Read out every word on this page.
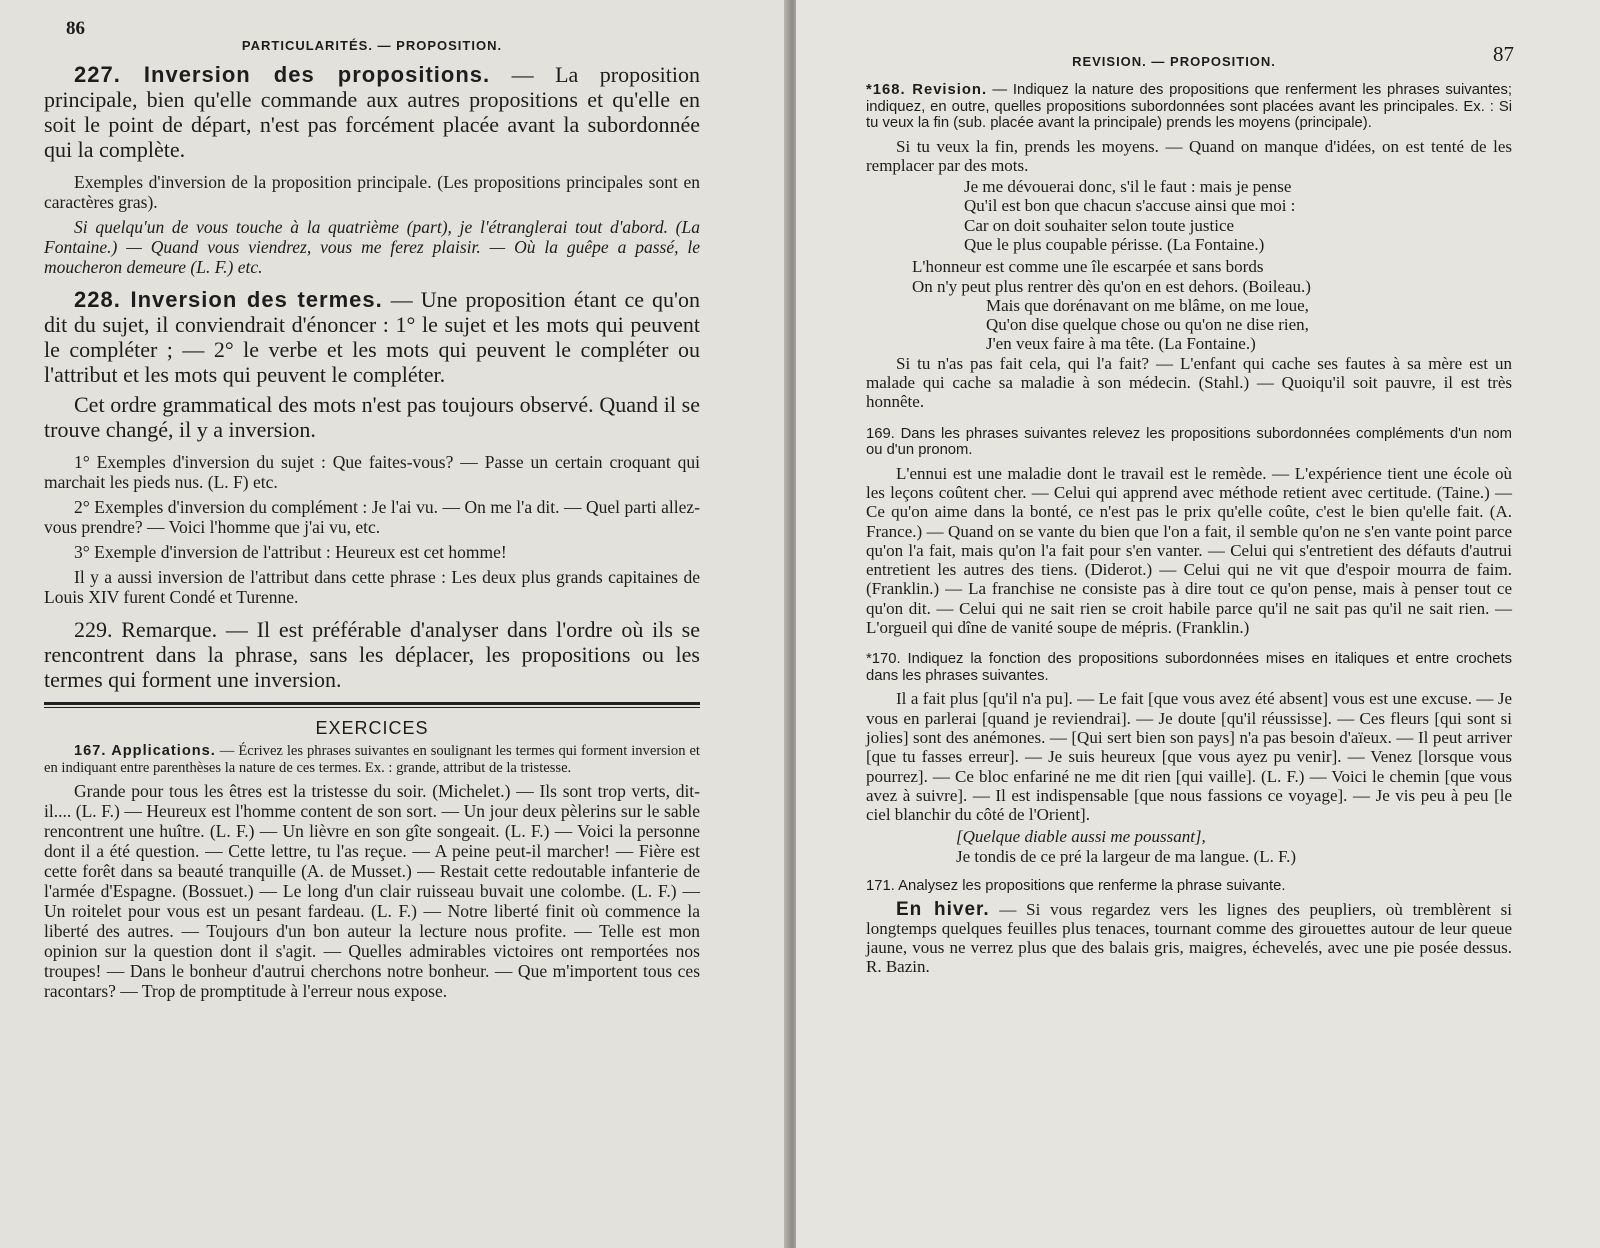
86
PARTICULARITÉS. — PROPOSITION.

227. Inversion des propositions. — La proposition principale, bien qu'elle commande aux autres propositions et qu'elle en soit le point de départ, n'est pas forcément placée avant la subordonnée qui la complète.

Exemples d'inversion de la proposition principale. (Les propositions principales sont en caractères gras).

Si quelqu'un de vous touche à la quatrième (part), je l'étranglerai tout d'abord. (La Fontaine.) — Quand vous viendrez, vous me ferez plaisir. — Où la guêpe a passé, le moucheron demeure (L. F.) etc.

228. Inversion des termes. — Une proposition étant ce qu'on dit du sujet, il conviendrait d'énoncer : 1° le sujet et les mots qui peuvent le compléter ; — 2° le verbe et les mots qui peuvent le compléter ou l'attribut et les mots qui peuvent le compléter.

Cet ordre grammatical des mots n'est pas toujours observé. Quand il se trouve changé, il y a inversion.

1° Exemples d'inversion du sujet : Que faites-vous? — Passe un certain croquant qui marchait les pieds nus. (L. F) etc.

2° Exemples d'inversion du complément : Je l'ai vu. — On me l'a dit. — Quel parti allez-vous prendre? — Voici l'homme que j'ai vu, etc.

3° Exemple d'inversion de l'attribut : Heureux est cet homme!

Il y a aussi inversion de l'attribut dans cette phrase : Les deux plus grands capitaines de Louis XIV furent Condé et Turenne.

229. Remarque. — Il est préférable d'analyser dans l'ordre où ils se rencontrent dans la phrase, sans les déplacer, les propositions ou les termes qui forment une inversion.

EXERCICES

167. Applications. — Écrivez les phrases suivantes en soulignant les termes qui forment inversion et en indiquant entre parenthèses la nature de ces termes. Ex. : grande, attribut de la tristesse.

Grande pour tous les êtres est la tristesse du soir. (Michelet.) — Ils sont trop verts, dit-il.... (L. F.) — Heureux est l'homme content de son sort. — Un jour deux pèlerins sur le sable rencontrent une huître. (L. F.) — Un lièvre en son gîte songeait. (L. F.) — Voici la personne dont il a été question. — Cette lettre, tu l'as reçue. — A peine peut-il marcher! — Fière est cette forêt dans sa beauté tranquille (A. de Musset.) — Restait cette redoutable infanterie de l'armée d'Espagne. (Bossuet.) — Le long d'un clair ruisseau buvait une colombe. (L. F.) — Un roitelet pour vous est un pesant fardeau. (L. F.) — Notre liberté finit où commence la liberté des autres. — Toujours d'un bon auteur la lecture nous profite. — Telle est mon opinion sur la question dont il s'agit. — Quelles admirables victoires ont remportées nos troupes! — Dans le bonheur d'autrui cherchons notre bonheur. — Que m'importent tous ces racontars? — Trop de promptitude à l'erreur nous expose.

REVISION. — PROPOSITION.	87

*168. Revision. — Indiquez la nature des propositions que renferment les phrases suivantes; indiquez, en outre, quelles propositions subordonnées sont placées avant les principales. Ex. : Si tu veux la fin (sub. placée avant la principale) prends les moyens (principale).

Si tu veux la fin, prends les moyens. — Quand on manque d'idées, on est tenté de les remplacer par des mots.

Je me dévouerai donc, s'il le faut : mais je pense
Qu'il est bon que chacun s'accuse ainsi que moi :
Car on doit souhaiter selon toute justice
Que le plus coupable périsse. (La Fontaine.)
L'honneur est comme une île escarpée et sans bords
On n'y peut plus rentrer dès qu'on en est dehors. (Boileau.)
Mais que dorénavant on me blâme, on me loue,
Qu'on dise quelque chose ou qu'on ne dise rien,
J'en veux faire à ma tête. (La Fontaine.)

Si tu n'as pas fait cela, qui l'a fait? — L'enfant qui cache ses fautes à sa mère est un malade qui cache sa maladie à son médecin. (Stahl.) — Quoiqu'il soit pauvre, il est très honnête.

169. Dans les phrases suivantes relevez les propositions subordonnées compléments d'un nom ou d'un pronom.

L'ennui est une maladie dont le travail est le remède. — L'expérience tient une école où les leçons coûtent cher. — Celui qui apprend avec méthode retient avec certitude. (Taine.) — Ce qu'on aime dans la bonté, ce n'est pas le prix qu'elle coûte, c'est le bien qu'elle fait. (A. France.) — Quand on se vante du bien que l'on a fait, il semble qu'on ne s'en vante point parce qu'on l'a fait, mais qu'on l'a fait pour s'en vanter. — Celui qui s'entretient des défauts d'autrui entretient les autres des tiens. (Diderot.) — Celui qui ne vit que d'espoir mourra de faim. (Franklin.) — La franchise ne consiste pas à dire tout ce qu'on pense, mais à penser tout ce qu'on dit. — Celui qui ne sait rien se croit habile parce qu'il ne sait pas qu'il ne sait rien. — L'orgueil qui dîne de vanité soupe de mépris. (Franklin.)

*170. Indiquez la fonction des propositions subordonnées mises en italiques et entre crochets dans les phrases suivantes.

Il a fait plus [qu'il n'a pu]. — Le fait [que vous avez été absent] vous est une excuse. — Je vous en parlerai [quand je reviendrai]. — Je doute [qu'il réussisse]. — Ces fleurs [qui sont si jolies] sont des anémones. — [Qui sert bien son pays] n'a pas besoin d'aïeux. — Il peut arriver [que tu fasses erreur]. — Je suis heureux [que vous ayez pu venir]. — Venez [lorsque vous pourrez]. — Ce bloc enfariné ne me dit rien [qui vaille]. (L. F.) — Voici le chemin [que vous avez à suivre]. — Il est indispensable [que nous fassions ce voyage]. — Je vis peu à peu [le ciel blanchir du côté de l'Orient].

[Quelque diable aussi me poussant],
Je tondis de ce pré la largeur de ma langue. (L. F.)

171. Analysez les propositions que renferme la phrase suivante.

En hiver. — Si vous regardez vers les lignes des peupliers, où tremblèrent si longtemps quelques feuilles plus tenaces, tournant comme des girouettes autour de leur queue jaune, vous ne verrez plus que des balais gris, maigres, échevelés, avec une pie posée dessus. R. Bazin.
